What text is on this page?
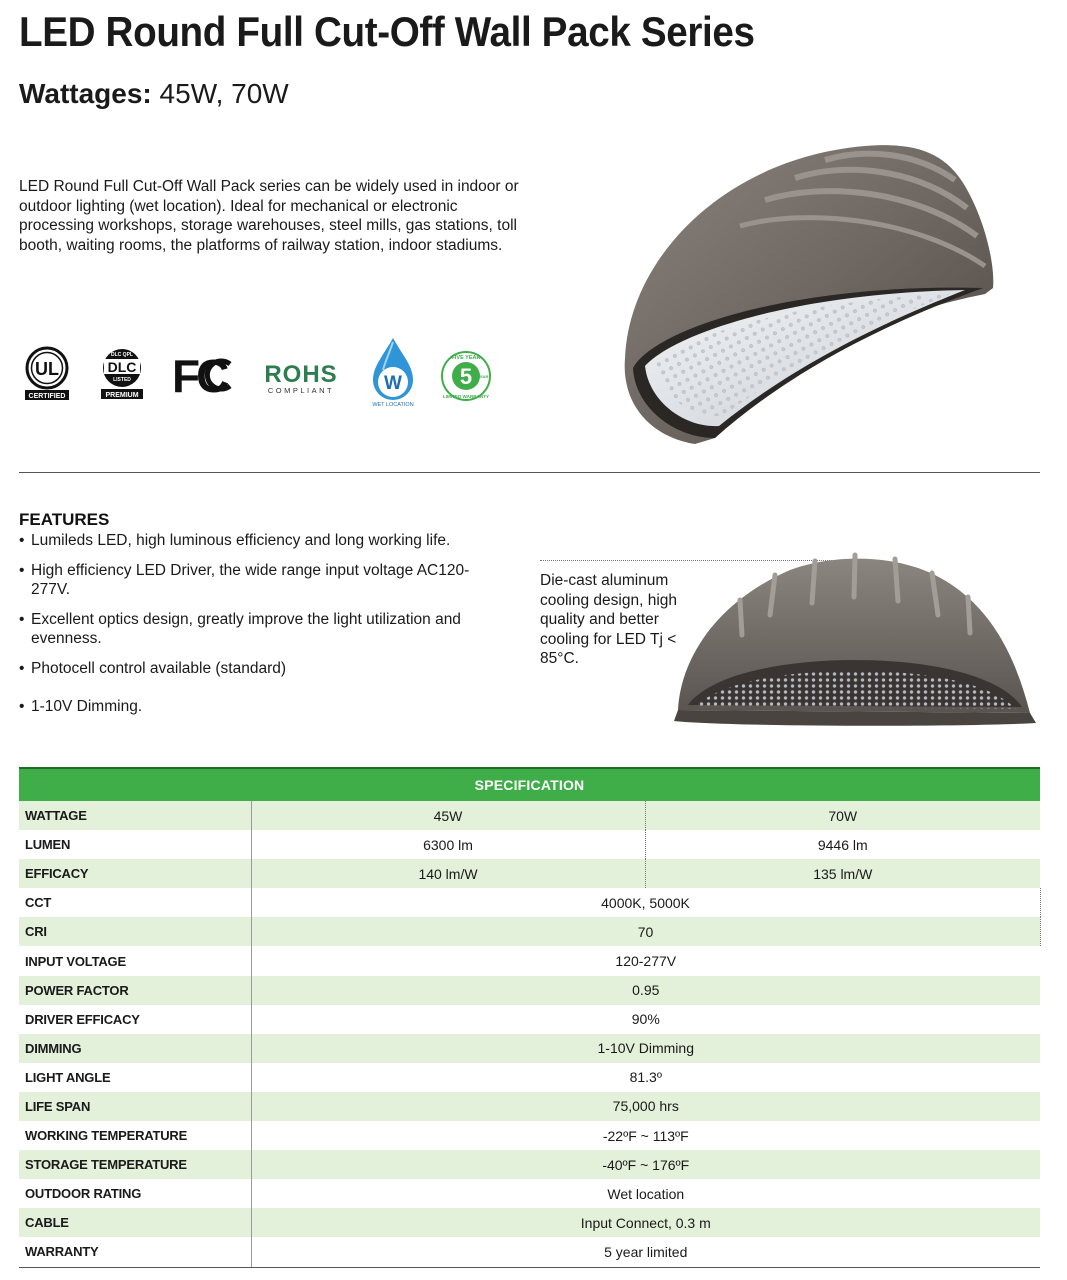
LED Round Full Cut-Off Wall Pack Series
Wattages: 45W, 70W

LED Round Full Cut-Off Wall Pack series can be widely used in indoor or outdoor lighting (wet location). Ideal for mechanical or electronic processing workshops, storage warehouses, steel mills, gas stations, toll booth, waiting rooms, the platforms of railway station, indoor stadiums.

UL
CERTIFIED
DLC QPL
DLC
LISTED
PREMIUM FC ROHS
COMPLIANT	W
WET LOCATION
5
FIVE YEAR
LIMITED WARRANTY
YEAR
FEATURES
• Lumileds LED, high luminous efficiency and long working life.
• High efficiency LED Driver, the wide range input voltage AC120-277V.
• Excellent optics design, greatly improve the light utilization and evenness.
• Photocell control available (standard)
• 1-10V Dimming.

Die-cast aluminum cooling design, high quality and better cooling for LED Tj < 85°C.

SPECIFICATION		
WATTAGE	45W	70W
LUMEN	6300 lm	9446 lm
EFFICACY	140 lm/W	135 lm/W
CCT	4000K, 5000K	
CRI	70	
INPUT VOLTAGE	120-277V	
POWER FACTOR	0.95	
DRIVER EFFICACY	90%	
DIMMING	1-10V Dimming	
LIGHT ANGLE	81.3º	
LIFE SPAN	75,000 hrs	
WORKING TEMPERATURE	-22ºF ~ 113ºF	
STORAGE TEMPERATURE	-40ºF ~ 176ºF	
OUTDOOR RATING	Wet location	
CABLE	Input Connect, 0.3 m	
WARRANTY	5 year limited	
